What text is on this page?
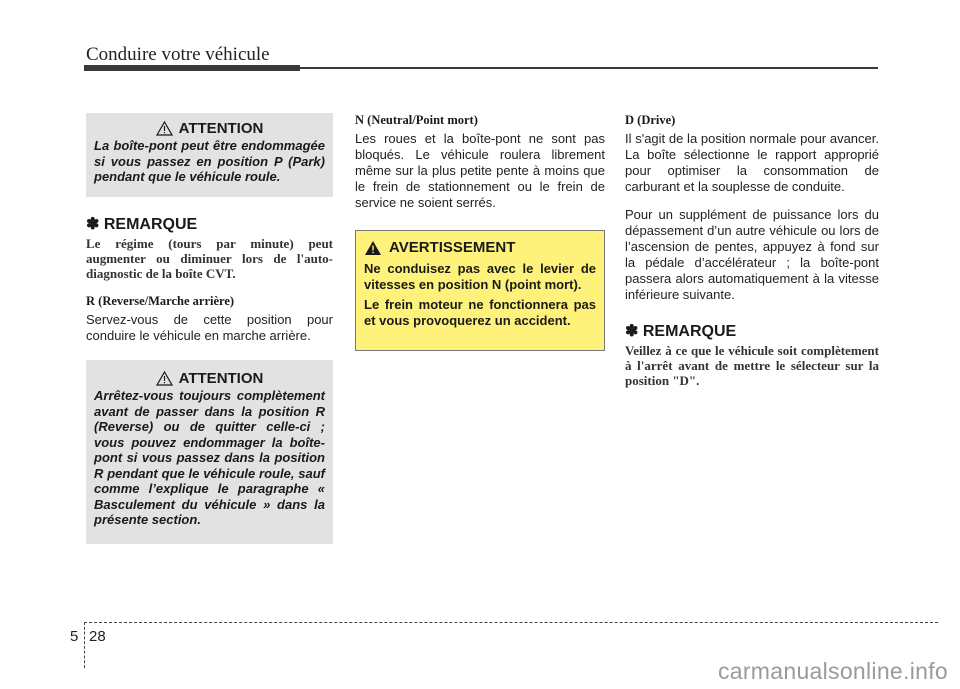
Conduire votre véhicule
ATTENTION
La boîte-pont peut être endommagée si vous passez en position P (Park) pendant que le véhicule roule.
✽ REMARQUE
Le régime (tours par minute) peut augmenter ou diminuer lors de l'auto-diagnostic de la boîte CVT.
R (Reverse/Marche arrière)
Servez-vous de cette position pour conduire le véhicule en marche arrière.
ATTENTION
Arrêtez-vous toujours complètement avant de passer dans la position R (Reverse) ou de quitter celle-ci ; vous pouvez endommager la boîte-pont si vous passez dans la position R pendant que le véhicule roule, sauf comme l’explique le paragraphe « Basculement du véhicule » dans la présente section.
N (Neutral/Point mort)
Les roues et la boîte-pont ne sont pas bloqués. Le véhicule roulera librement même sur la plus petite pente à moins que le frein de stationnement ou le frein de service ne soient serrés.
AVERTISSEMENT

Ne conduisez pas avec le levier de vitesses en position N (point mort).

Le frein moteur ne fonctionnera pas et vous provoquerez un accident.

D (Drive)
Il s'agit de la position normale pour avancer. La boîte sélectionne le rapport approprié pour optimiser la consommation de carburant et la souplesse de conduite.
Pour un supplément de puissance lors du dépassement d’un autre véhicule ou lors de l’ascension de pentes, appuyez à fond sur la pédale d’accélérateur ; la boîte-pont passera alors automatiquement à la vitesse inférieure suivante.
✽ REMARQUE
Veillez à ce que le véhicule soit complètement à l'arrêt avant de mettre le sélecteur sur la position "D".
5 28
carmanualsonline.info
